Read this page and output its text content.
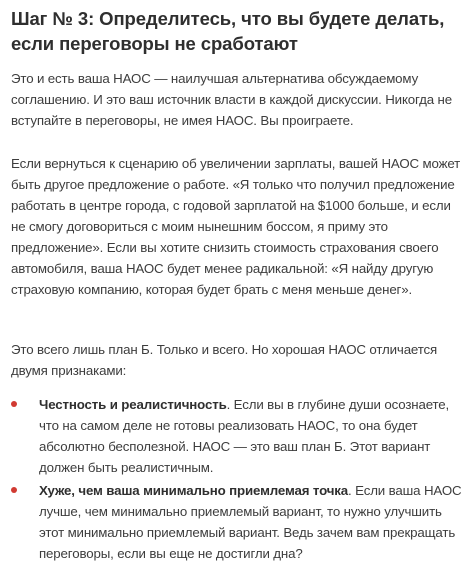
Шаг № 3: Определитесь, что вы будете делать, если переговоры не сработают

Это и есть ваша НАОС — наилучшая альтернатива обсуждаемому соглашению. И это ваш источник власти в каждой дискуссии. Никогда не вступайте в переговоры, не имея НАОС. Вы проиграете.

Если вернуться к сценарию об увеличении зарплаты, вашей НАОС может быть другое предложение о работе. «Я только что получил предложение работать в центре города, с годовой зарплатой на $1000 больше, и если не смогу договориться с моим нынешним боссом, я приму это предложение». Если вы хотите снизить стоимость страхования своего автомобиля, ваша НАОС будет менее радикальной: «Я найду другую страховую компанию, которая будет брать с меня меньше денег».

Это всего лишь план Б. Только и всего. Но хорошая НАОС отличается двумя признаками:

Честность и реалистичность. Если вы в глубине души осознаете, что на самом деле не готовы реализовать НАОС, то она будет абсолютно бесполезной. НАОС — это ваш план Б. Этот вариант должен быть реалистичным.
Хуже, чем ваша минимально приемлемая точка. Если ваша НАОС лучше, чем минимально приемлемый вариант, то нужно улучшить этот минимально приемлемый вариант. Ведь зачем вам прекращать переговоры, если вы еще не достигли дна?
